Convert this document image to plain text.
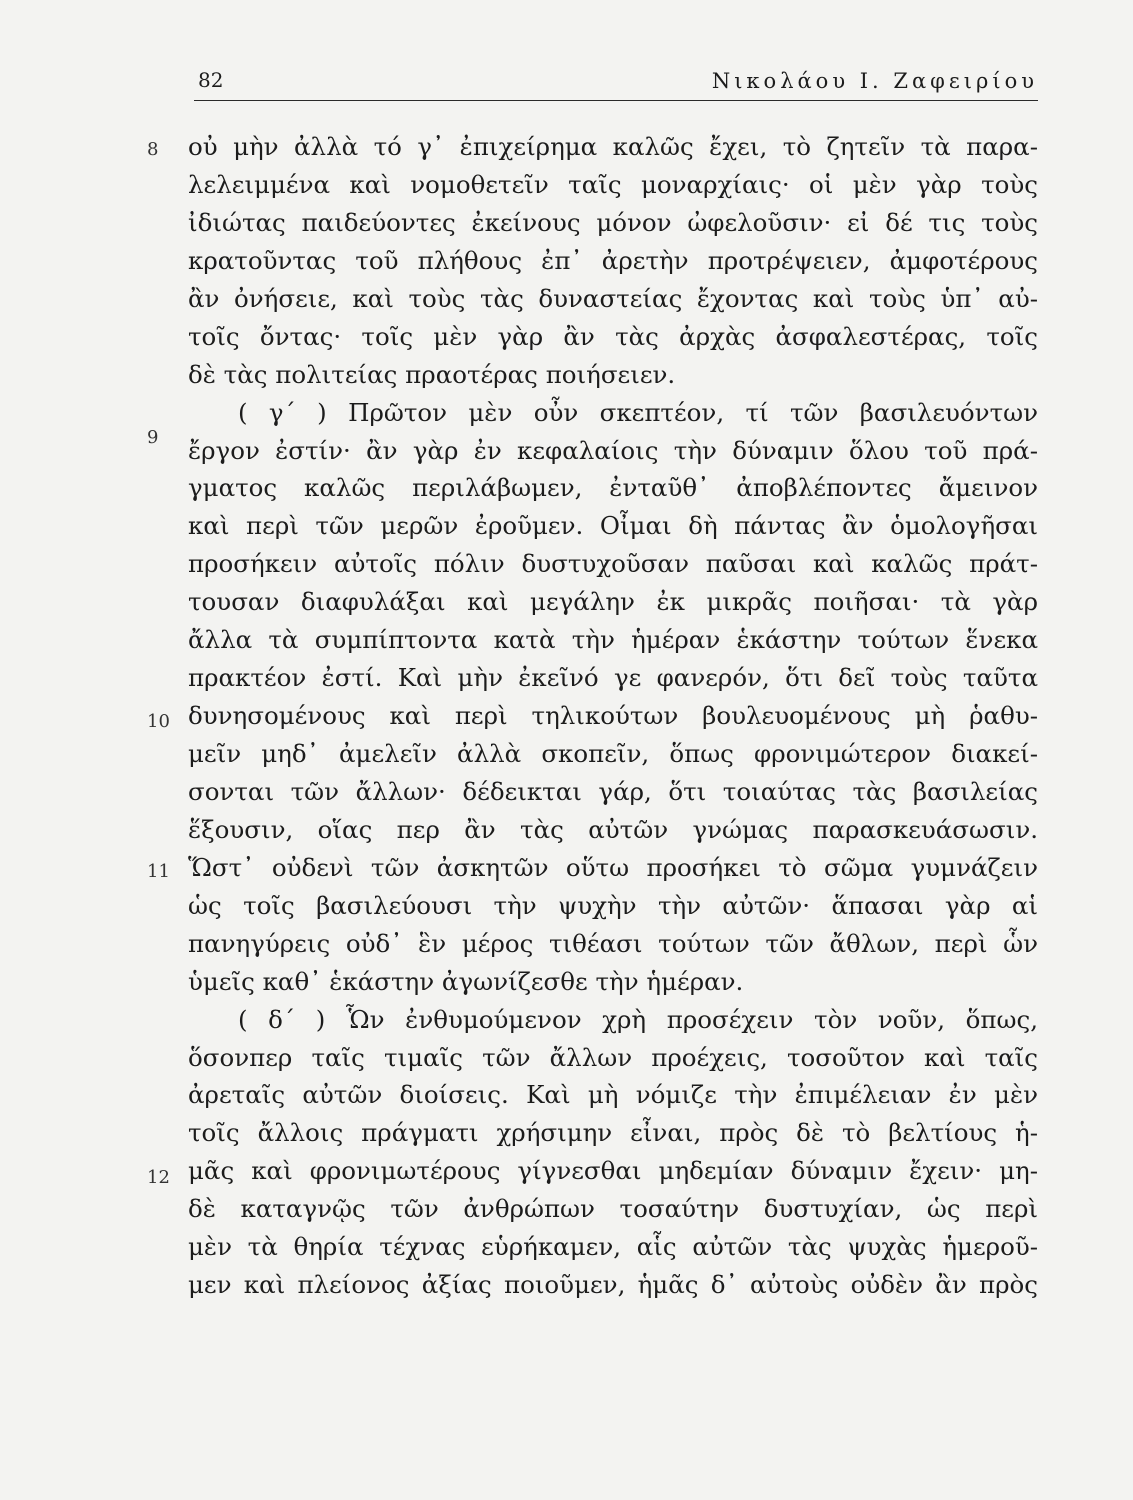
82	Νικολάου Ι. Ζαφειρίου
8
9
10
11
12
οὐ μὴν ἀλλὰ τό γ᾽ ἐπιχείρημα καλῶς ἔχει, τὸ ζητεῖν τὰ παρα-
λελειμμένα καὶ νομοθετεῖν ταῖς μοναρχίαις· οἱ μὲν γὰρ τοὺς
ἰδιώτας παιδεύοντες ἐκείνους μόνον ὠφελοῦσιν· εἰ δέ τις τοὺς
κρατοῦντας τοῦ πλήθους ἐπ᾽ ἀρετὴν προτρέψειεν, ἀμφοτέρους
ἂν ὀνήσειε, καὶ τοὺς τὰς δυναστείας ἔχοντας καὶ τοὺς ὑπ᾽ αὐ-
τοῖς ὄντας· τοῖς μὲν γὰρ ἂν τὰς ἀρχὰς ἀσφαλεστέρας, τοῖς
δὲ τὰς πολιτείας πραοτέρας ποιήσειεν.
( γ΄ ) Πρῶτον μὲν οὖν σκεπτέον, τί τῶν βασιλευόντων
ἔργον ἐστίν· ἂν γὰρ ἐν κεφαλαίοις τὴν δύναμιν ὅλου τοῦ πρά-
γματος καλῶς περιλάβωμεν, ἐνταῦθ᾽ ἀποβλέποντες ἄμεινον
καὶ περὶ τῶν μερῶν ἐροῦμεν. Οἶμαι δὴ πάντας ἂν ὁμολογῆσαι
προσήκειν αὐτοῖς πόλιν δυστυχοῦσαν παῦσαι καὶ καλῶς πράτ-
τουσαν διαφυλάξαι καὶ μεγάλην ἐκ μικρᾶς ποιῆσαι· τὰ γὰρ
ἄλλα τὰ συμπίπτοντα κατὰ τὴν ἡμέραν ἑκάστην τούτων ἕνεκα
πρακτέον ἐστί. Καὶ μὴν ἐκεῖνό γε φανερόν, ὅτι δεῖ τοὺς ταῦτα
δυνησομένους καὶ περὶ τηλικούτων βουλευομένους μὴ ῥαθυ-
μεῖν μηδ᾽ ἀμελεῖν ἀλλὰ σκοπεῖν, ὅπως φρονιμώτερον διακεί-
σονται τῶν ἄλλων· δέδεικται γάρ, ὅτι τοιαύτας τὰς βασιλείας
ἕξουσιν, οἵας περ ἂν τὰς αὐτῶν γνώμας παρασκευάσωσιν.
Ὥστ᾽ οὐδενὶ τῶν ἀσκητῶν οὕτω προσήκει τὸ σῶμα γυμνάζειν
ὡς τοῖς βασιλεύουσι τὴν ψυχὴν τὴν αὐτῶν· ἅπασαι γὰρ αἱ
πανηγύρεις οὐδ᾽ ἓν μέρος τιθέασι τούτων τῶν ἄθλων, περὶ ὧν
ὑμεῖς καθ᾽ ἑκάστην ἀγωνίζεσθε τὴν ἡμέραν.
( δ΄ ) Ὧν ἐνθυμούμενον χρὴ προσέχειν τὸν νοῦν, ὅπως,
ὅσονπερ ταῖς τιμαῖς τῶν ἄλλων προέχεις, τοσοῦτον καὶ ταῖς
ἀρεταῖς αὐτῶν διοίσεις. Καὶ μὴ νόμιζε τὴν ἐπιμέλειαν ἐν μὲν
τοῖς ἄλλοις πράγματι χρήσιμην εἶναι, πρὸς δὲ τὸ βελτίους ἡ-
μᾶς καὶ φρονιμωτέρους γίγνεσθαι μηδεμίαν δύναμιν ἔχειν· μη-
δὲ καταγνῷς τῶν ἀνθρώπων τοσαύτην δυστυχίαν, ὡς περὶ
μὲν τὰ θηρία τέχνας εὑρήκαμεν, αἷς αὐτῶν τὰς ψυχὰς ἡμεροῦ-
μεν καὶ πλείονος ἀξίας ποιοῦμεν, ἡμᾶς δ᾽ αὐτοὺς οὐδὲν ἂν πρὸς
